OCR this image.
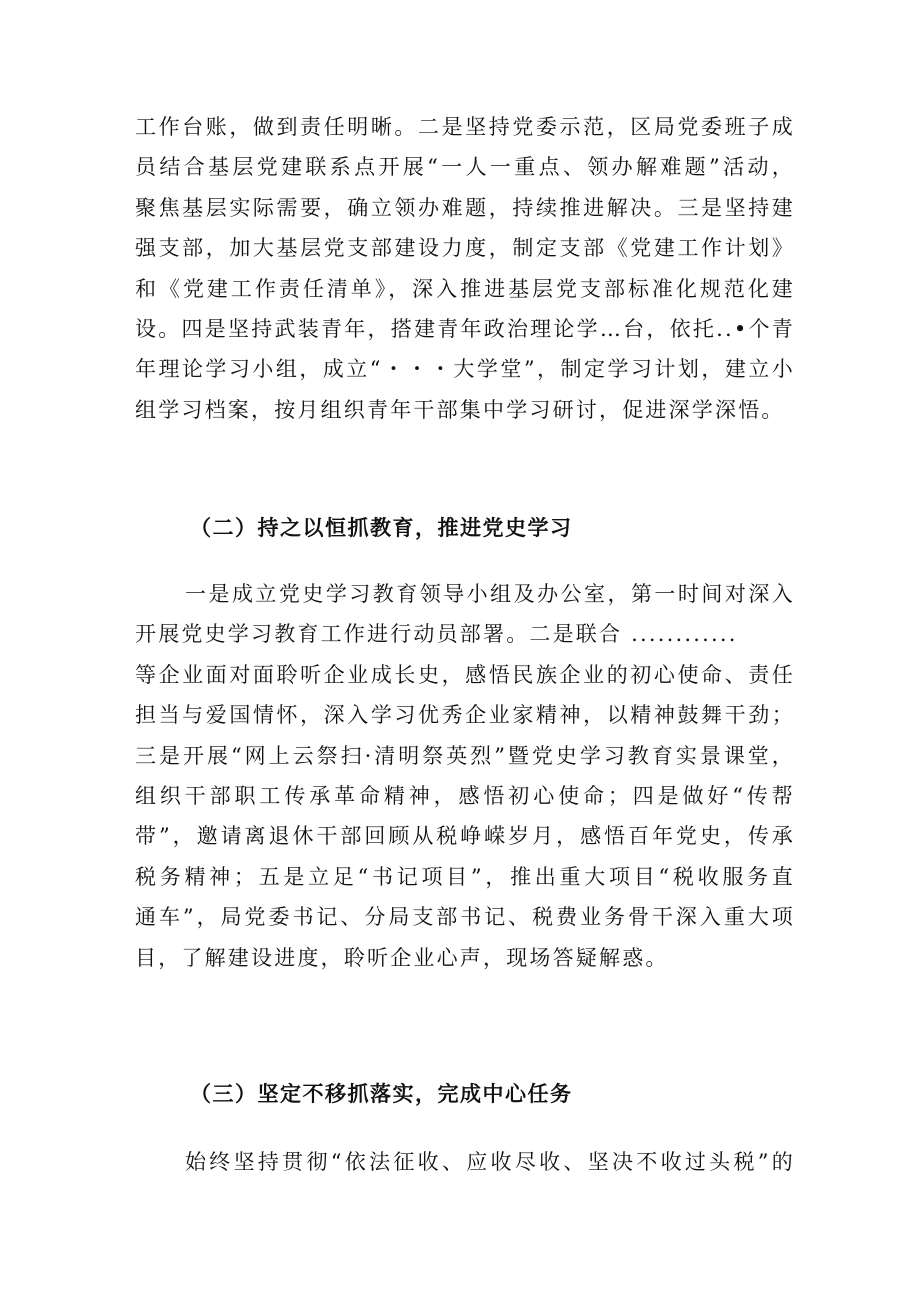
工作台账，做到责任明晰。二是坚持党委示范，区局党委班子成
员结合基层党建联系点开展“一人一重点、领办解难题”活动，
聚焦基层实际需要，确立领办难题，持续推进解决。三是坚持建
强支部，加大基层党支部建设力度，制定支部《党建工作计划》
和《党建工作责任清单》，深入推进基层党支部标准化规范化建
设。四是坚持武装青年，搭建青年政治理论学…台，依托..•个青
年理论学习小组，成立“・・・大学堂”，制定学习计划，建立小
组学习档案，按月组织青年干部集中学习研讨，促进深学深悟。
（二）持之以恒抓教育，推进党史学习
一是成立党史学习教育领导小组及办公室，第一时间对深入
开展党史学习教育工作进行动员部署。二是联合 ............
等企业面对面聆听企业成长史，感悟民族企业的初心使命、责任
担当与爱国情怀，深入学习优秀企业家精神，以精神鼓舞干劲；
三是开展“网上云祭扫·清明祭英烈”暨党史学习教育实景课堂，
组织干部职工传承革命精神，感悟初心使命；四是做好“传帮
带”，邀请离退休干部回顾从税峥嵘岁月，感悟百年党史，传承
税务精神；五是立足“书记项目”，推出重大项目“税收服务直
通车”，局党委书记、分局支部书记、税费业务骨干深入重大项
目，了解建设进度，聆听企业心声，现场答疑解惑。
（三）坚定不移抓落实，完成中心任务
始终坚持贯彻“依法征收、应收尽收、坚决不收过头税”的
